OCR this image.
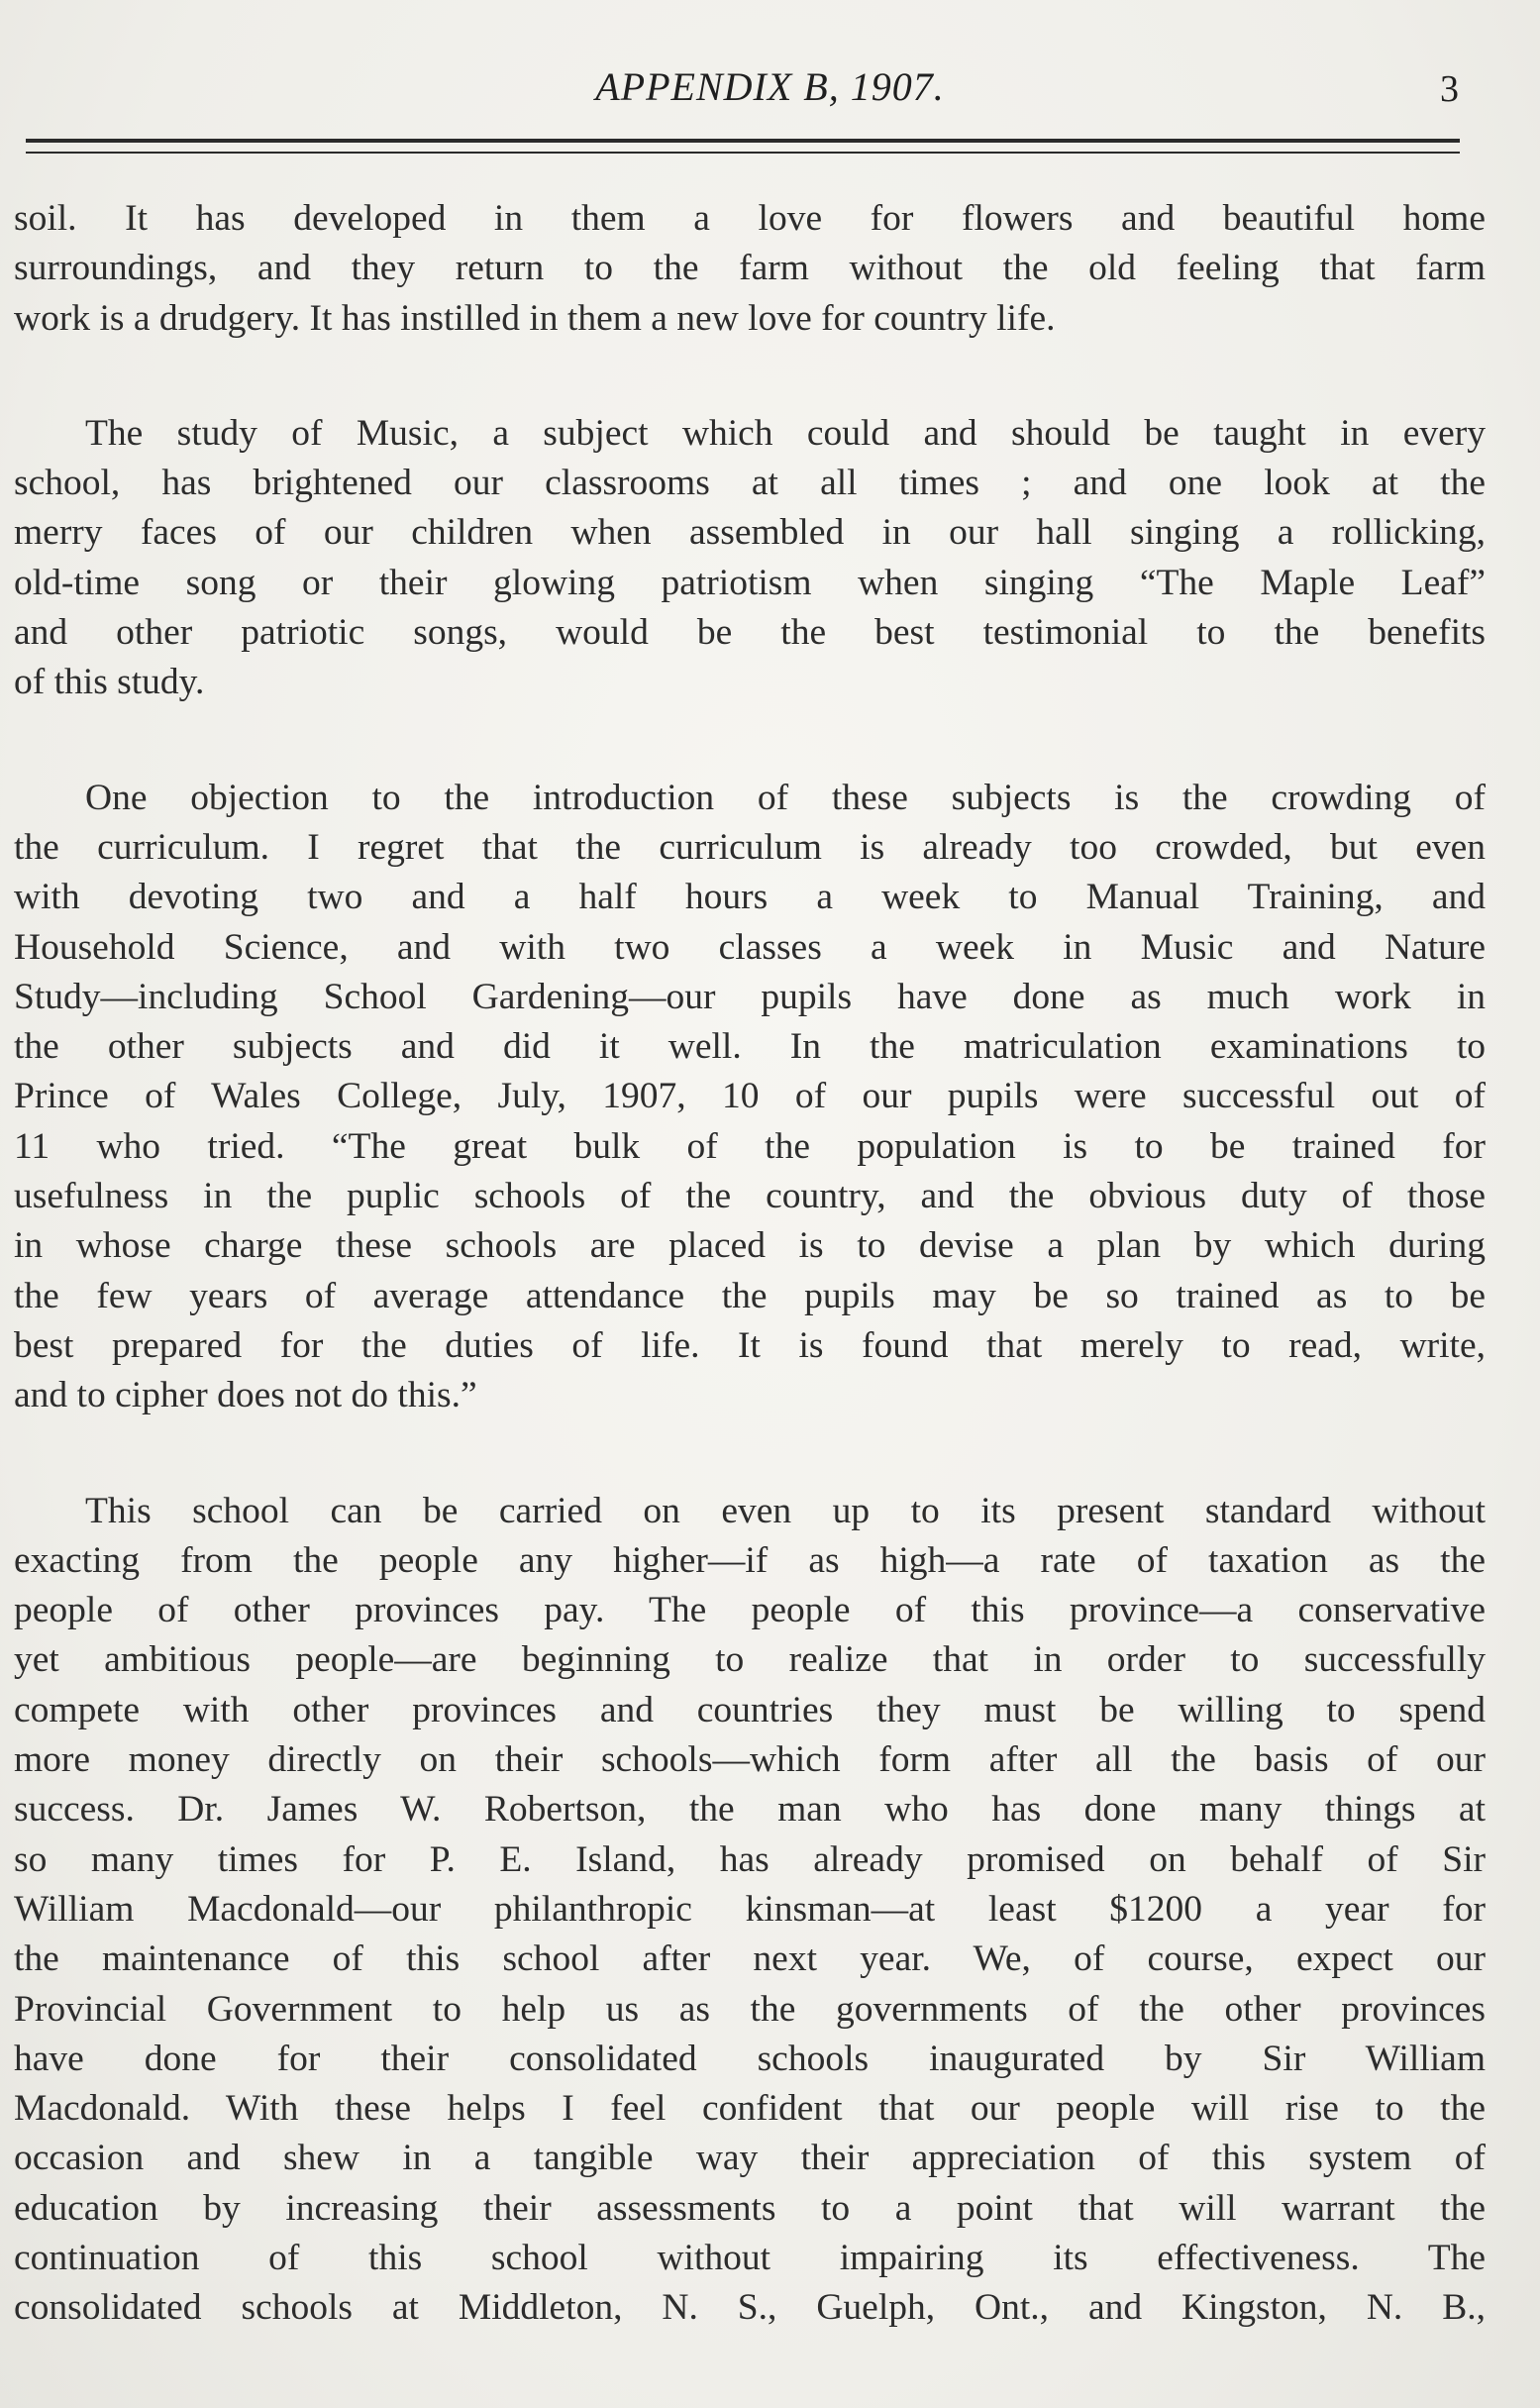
APPENDIX B, 1907.	3
soil. It has developed in them a love for flowers and beautiful home
surroundings, and they return to the farm without the old feeling that farm
work is a drudgery. It has instilled in them a new love for country life.
The study of Music, a subject which could and should be taught in every
school, has brightened our classrooms at all times ; and one look at the
merry faces of our children when assembled in our hall singing a rollicking,
old-time song or their glowing patriotism when singing “The Maple Leaf”
and other patriotic songs, would be the best testimonial to the benefits
of this study.
One objection to the introduction of these subjects is the crowding of
the curriculum. I regret that the curriculum is already too crowded, but even
with devoting two and a half hours a week to Manual Training, and
Household Science, and with two classes a week in Music and Nature
Study—including School Gardening—our pupils have done as much work in
the other subjects and did it well. In the matriculation examinations to
Prince of Wales College, July, 1907, 10 of our pupils were successful out of
11 who tried. “The great bulk of the population is to be trained for
usefulness in the puplic schools of the country, and the obvious duty of those
in whose charge these schools are placed is to devise a plan by which during
the few years of average attendance the pupils may be so trained as to be
best prepared for the duties of life. It is found that merely to read, write,
and to cipher does not do this.”
This school can be carried on even up to its present standard without
exacting from the people any higher—if as high—a rate of taxation as the
people of other provinces pay. The people of this province—a conservative
yet ambitious people—are beginning to realize that in order to successfully
compete with other provinces and countries they must be willing to spend
more money directly on their schools—which form after all the basis of our
success. Dr. James W. Robertson, the man who has done many things at
so many times for P. E. Island, has already promised on behalf of Sir
William Macdonald—our philanthropic kinsman—at least $1200 a year for
the maintenance of this school after next year. We, of course, expect our
Provincial Government to help us as the governments of the other provinces
have done for their consolidated schools inaugurated by Sir William
Macdonald. With these helps I feel confident that our people will rise to the
occasion and shew in a tangible way their appreciation of this system of
education by increasing their assessments to a point that will warrant the
continuation of this school without impairing its effectiveness. The
consolidated schools at Middleton, N. S., Guelph, Ont., and Kingston, N. B.,
